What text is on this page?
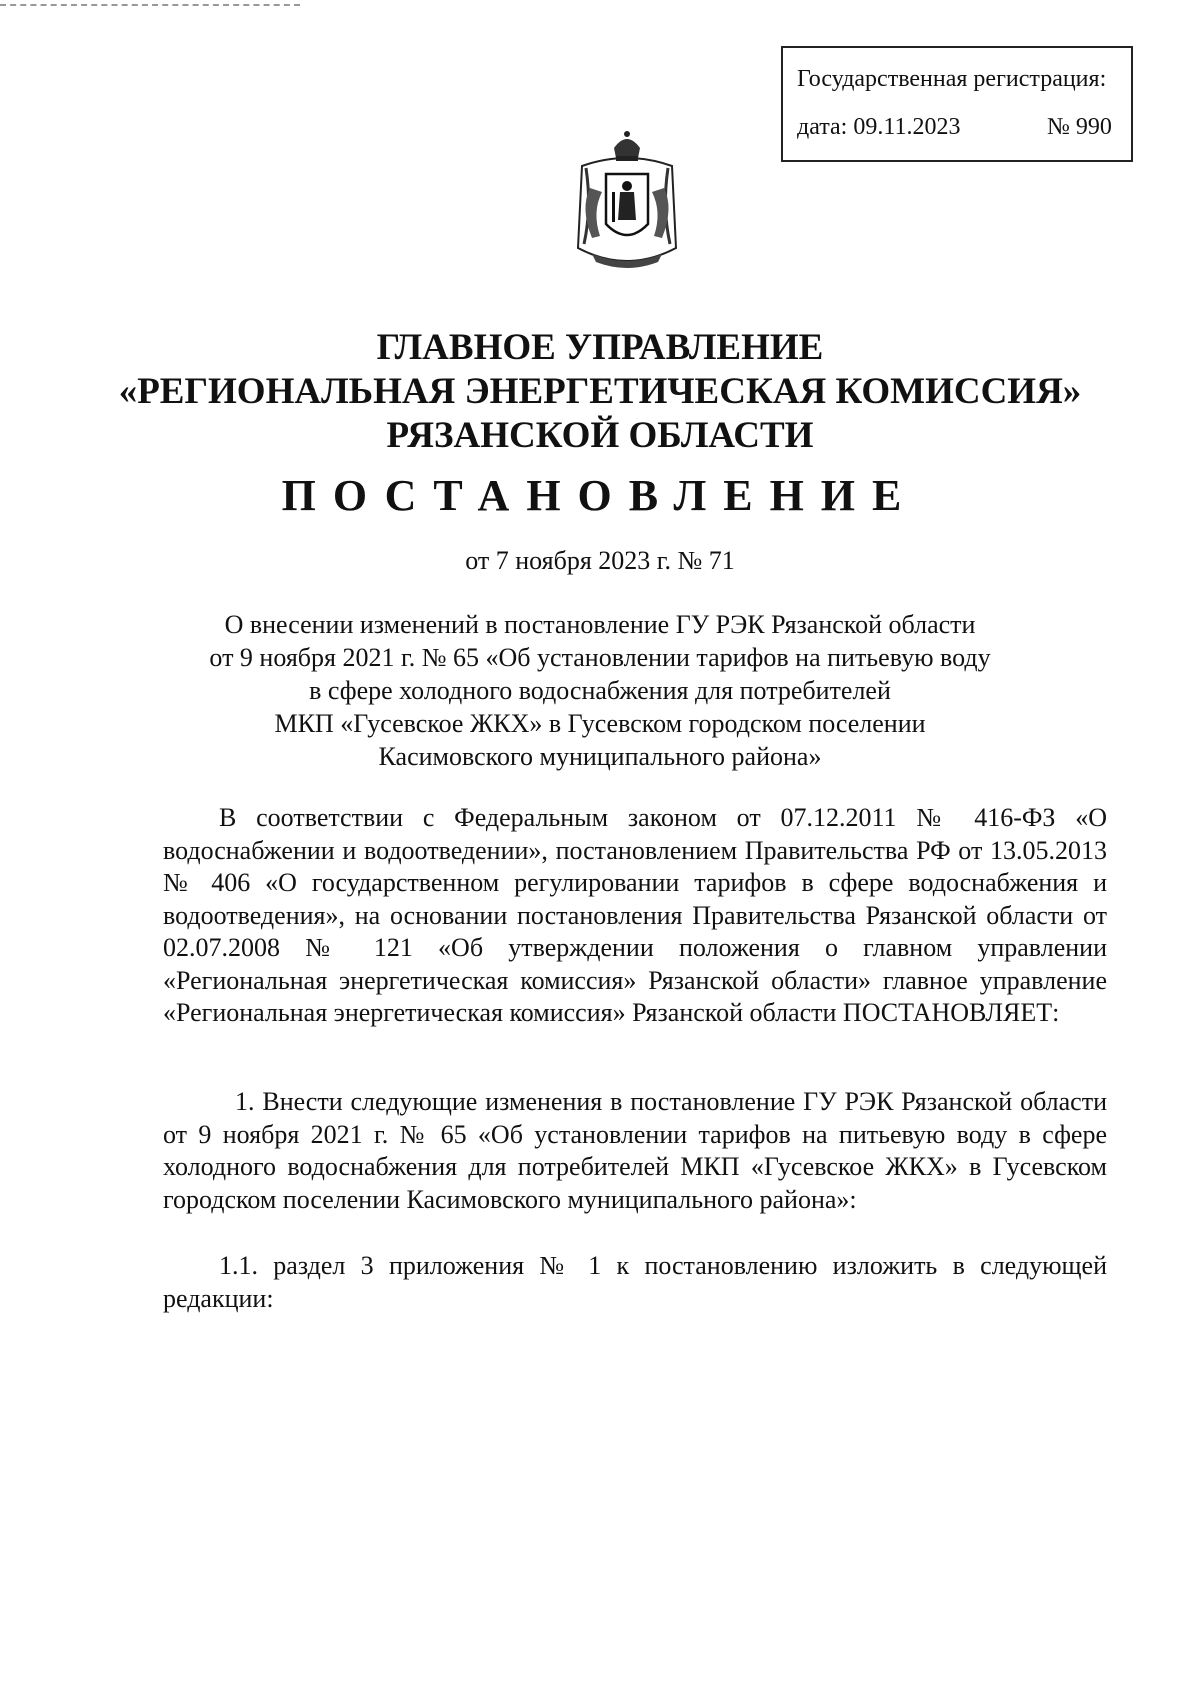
Государственная регистрация:
дата: 09.11.2023	№ 990
ГЛАВНОЕ УПРАВЛЕНИЕ
«РЕГИОНАЛЬНАЯ ЭНЕРГЕТИЧЕСКАЯ КОМИССИЯ»
РЯЗАНСКОЙ ОБЛАСТИ
ПОСТАНОВЛЕНИЕ
от 7 ноября 2023 г. № 71
О внесении изменений в постановление ГУ РЭК Рязанской области
от 9 ноября 2021 г. № 65 «Об установлении тарифов на питьевую воду
в сфере холодного водоснабжения для потребителей
МКП «Гусевское ЖКХ» в Гусевском городском поселении
Касимовского муниципального района»
В соответствии с Федеральным законом от 07.12.2011 № 416-ФЗ «О водоснабжении и водоотведении», постановлением Правительства РФ от 13.05.2013 № 406 «О государственном регулировании тарифов в сфере водоснабжения и водоотведения», на основании постановления Правительства Рязанской области от 02.07.2008 № 121 «Об утверждении положения о главном управлении «Региональная энергетическая комиссия» Рязанской области» главное управление «Региональная энергетическая комиссия» Рязанской области ПОСТАНОВЛЯЕТ:
1. Внести следующие изменения в постановление ГУ РЭК Рязанской области от 9 ноября 2021 г. № 65 «Об установлении тарифов на питьевую воду в сфере холодного водоснабжения для потребителей МКП «Гусевское ЖКХ» в Гусевском городском поселении Касимовского муниципального района»:
1.1. раздел 3 приложения № 1 к постановлению изложить в следующей редакции:
